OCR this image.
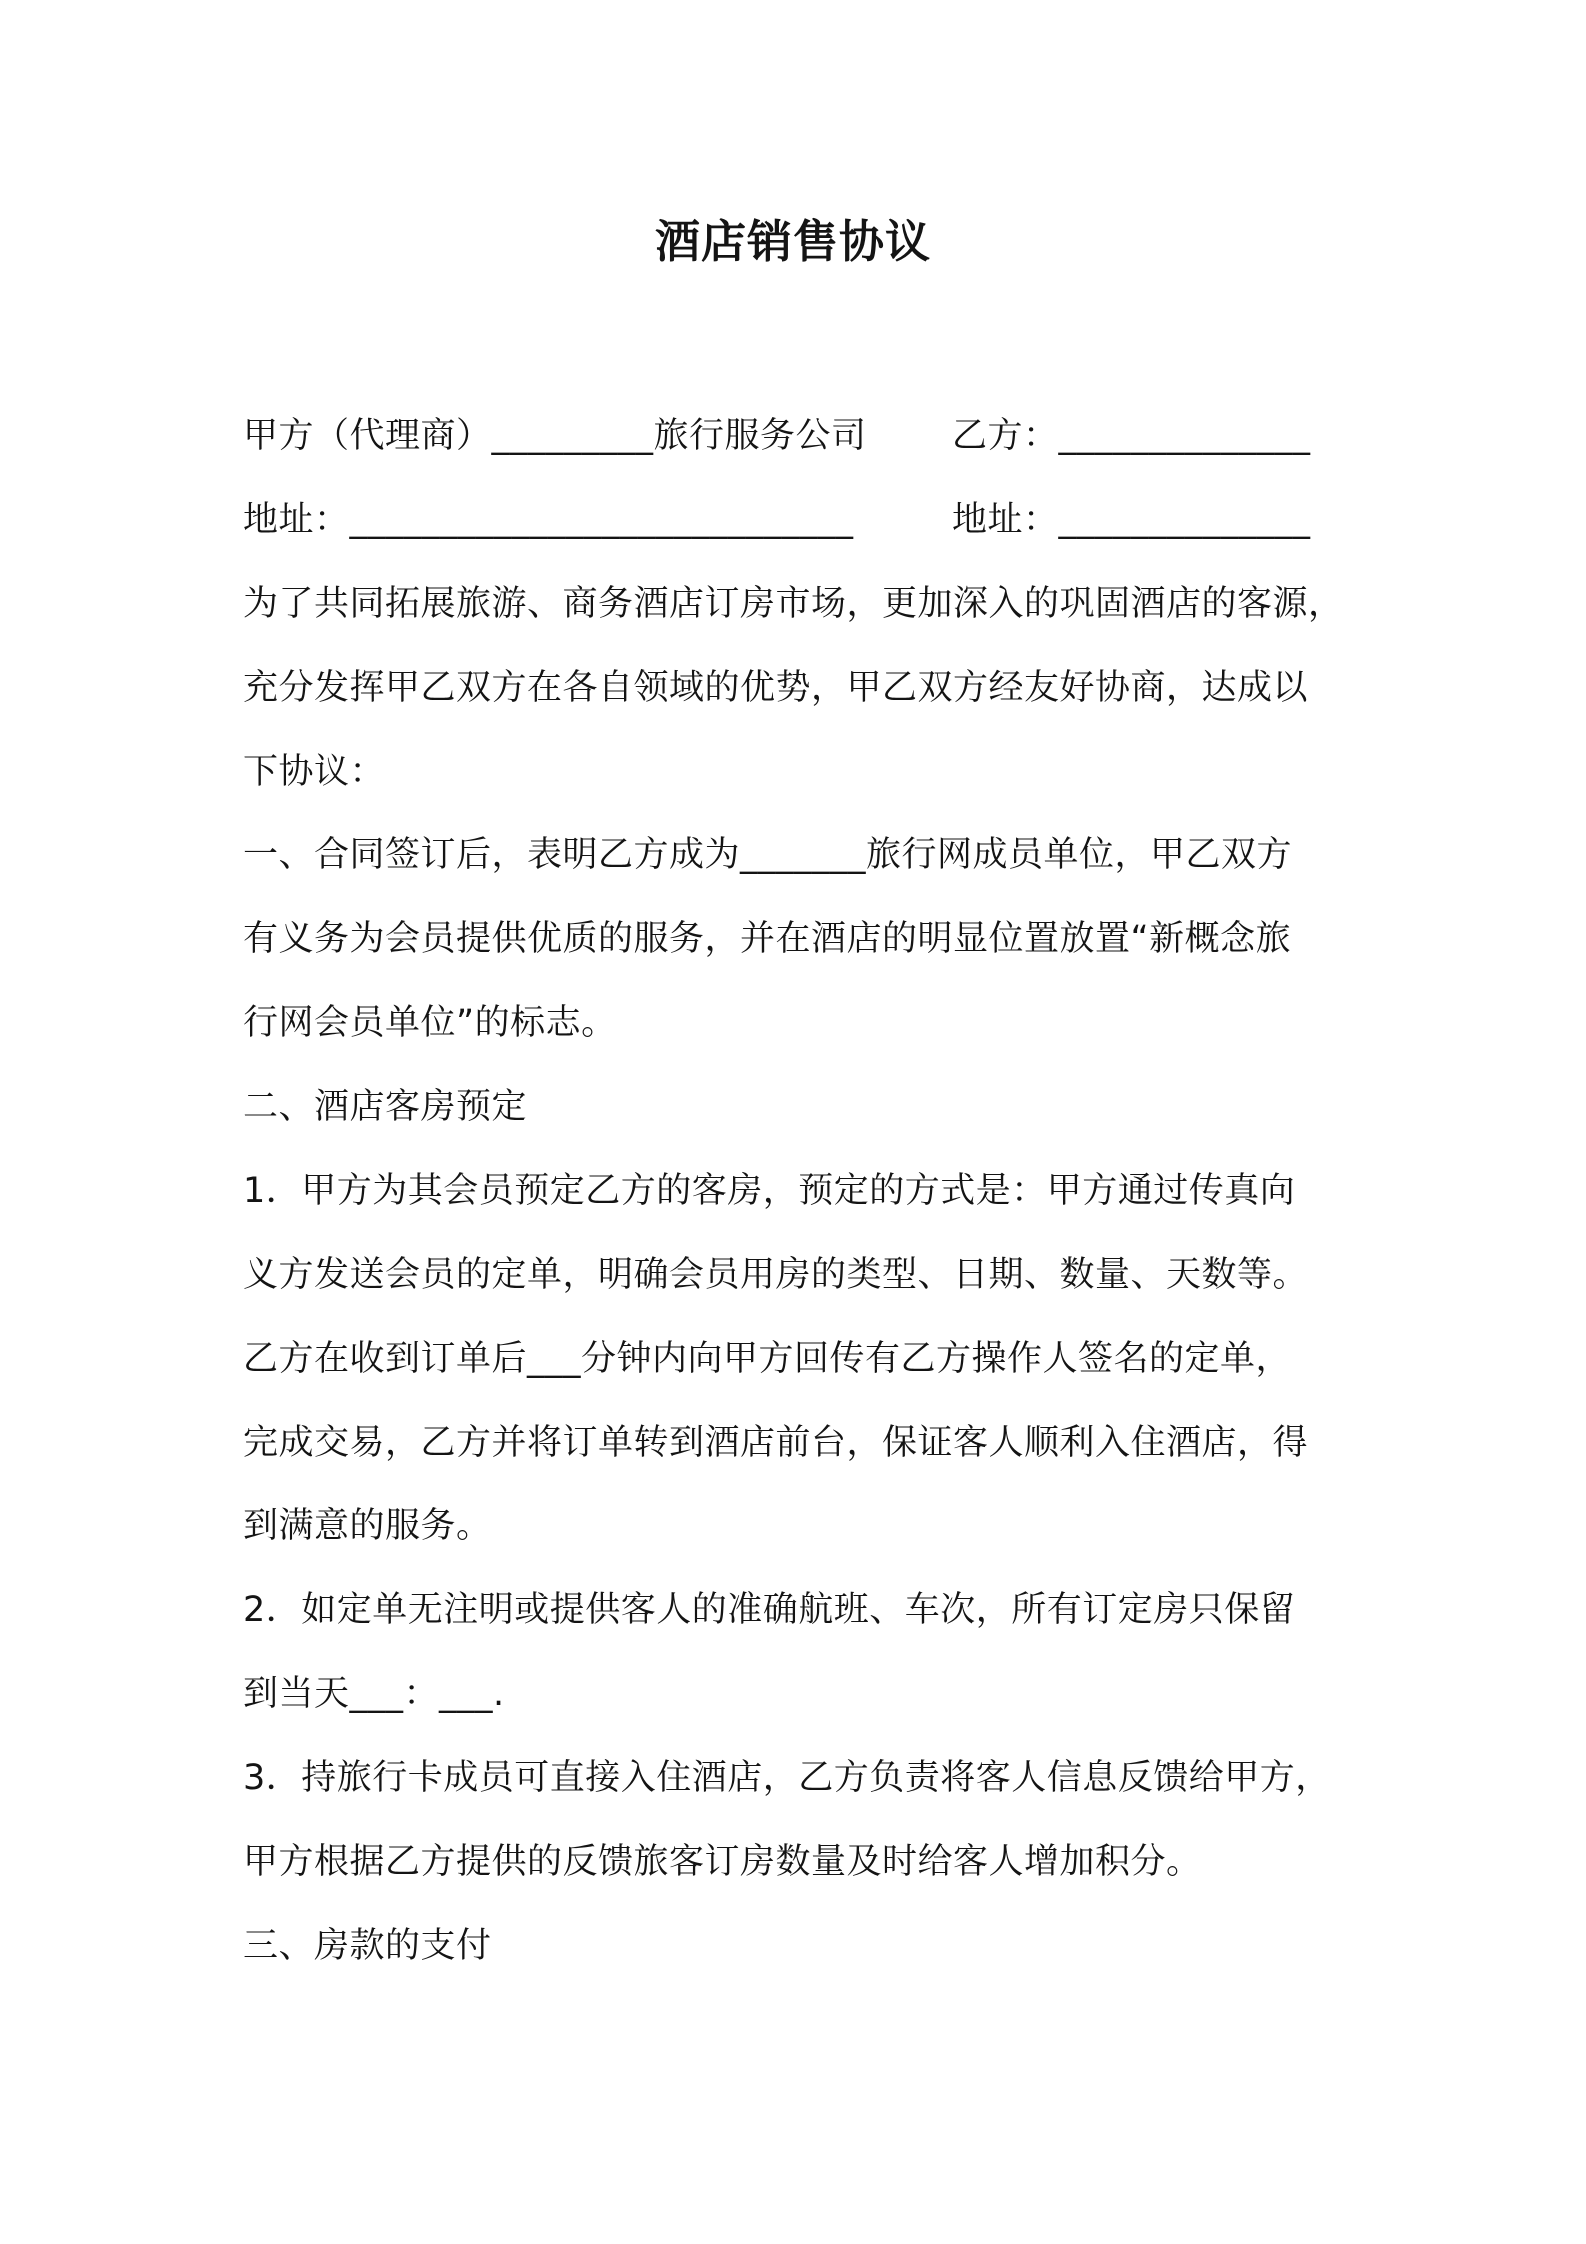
酒店销售协议
甲方（代理商）_________旅行服务公司	乙方：______________
地址：____________________________	地址：______________
为了共同拓展旅游、商务酒店订房市场，更加深入的巩固酒店的客源，
充分发挥甲乙双方在各自领域的优势，甲乙双方经友好协商，达成以
下协议：
一、合同签订后，表明乙方成为_______旅行网成员单位，甲乙双方
有义务为会员提供优质的服务，并在酒店的明显位置放置“新概念旅
行网会员单位”的标志。
二、酒店客房预定
1．甲方为其会员预定乙方的客房，预定的方式是：甲方通过传真向
义方发送会员的定单，明确会员用房的类型、日期、数量、天数等。
乙方在收到订单后___分钟内向甲方回传有乙方操作人签名的定单，
完成交易，乙方并将订单转到酒店前台，保证客人顺利入住酒店，得
到满意的服务。
2．如定单无注明或提供客人的准确航班、车次，所有订定房只保留
到当天___：___.
3．持旅行卡成员可直接入住酒店，乙方负责将客人信息反馈给甲方，
甲方根据乙方提供的反馈旅客订房数量及时给客人增加积分。
三、房款的支付
